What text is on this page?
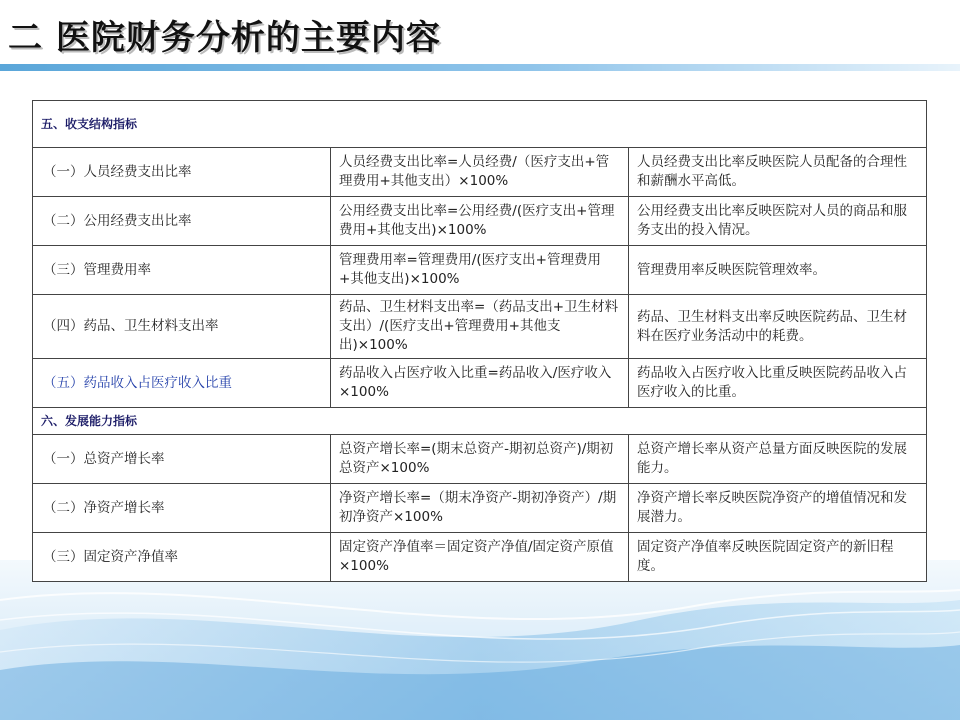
二 医院财务分析的主要内容
五、收支结构指标		
（一）人员经费支出比率	人员经费支出比率=人员经费/（医疗支出+管理费用+其他支出）×100%	人员经费支出比率反映医院人员配备的合理性和薪酬水平高低。
（二）公用经费支出比率	公用经费支出比率=公用经费/(医疗支出+管理费用+其他支出)×100%	公用经费支出比率反映医院对人员的商品和服务支出的投入情况。
（三）管理费用率	管理费用率=管理费用/(医疗支出+管理费用+其他支出)×100%	管理费用率反映医院管理效率。
（四）药品、卫生材料支出率	药品、卫生材料支出率=（药品支出+卫生材料支出）/(医疗支出+管理费用+其他支出)×100%	药品、卫生材料支出率反映医院药品、卫生材料在医疗业务活动中的耗费。
（五）药品收入占医疗收入比重	药品收入占医疗收入比重=药品收入/医疗收入×100%	药品收入占医疗收入比重反映医院药品收入占医疗收入的比重。
六、发展能力指标		
（一）总资产增长率	总资产增长率=(期末总资产-期初总资产)/期初总资产×100%	总资产增长率从资产总量方面反映医院的发展能力。
（二）净资产增长率	净资产增长率=（期末净资产-期初净资产）/期初净资产×100%	净资产增长率反映医院净资产的增值情况和发展潜力。
（三）固定资产净值率	固定资产净值率＝固定资产净值/固定资产原值×100%	固定资产净值率反映医院固定资产的新旧程度。
